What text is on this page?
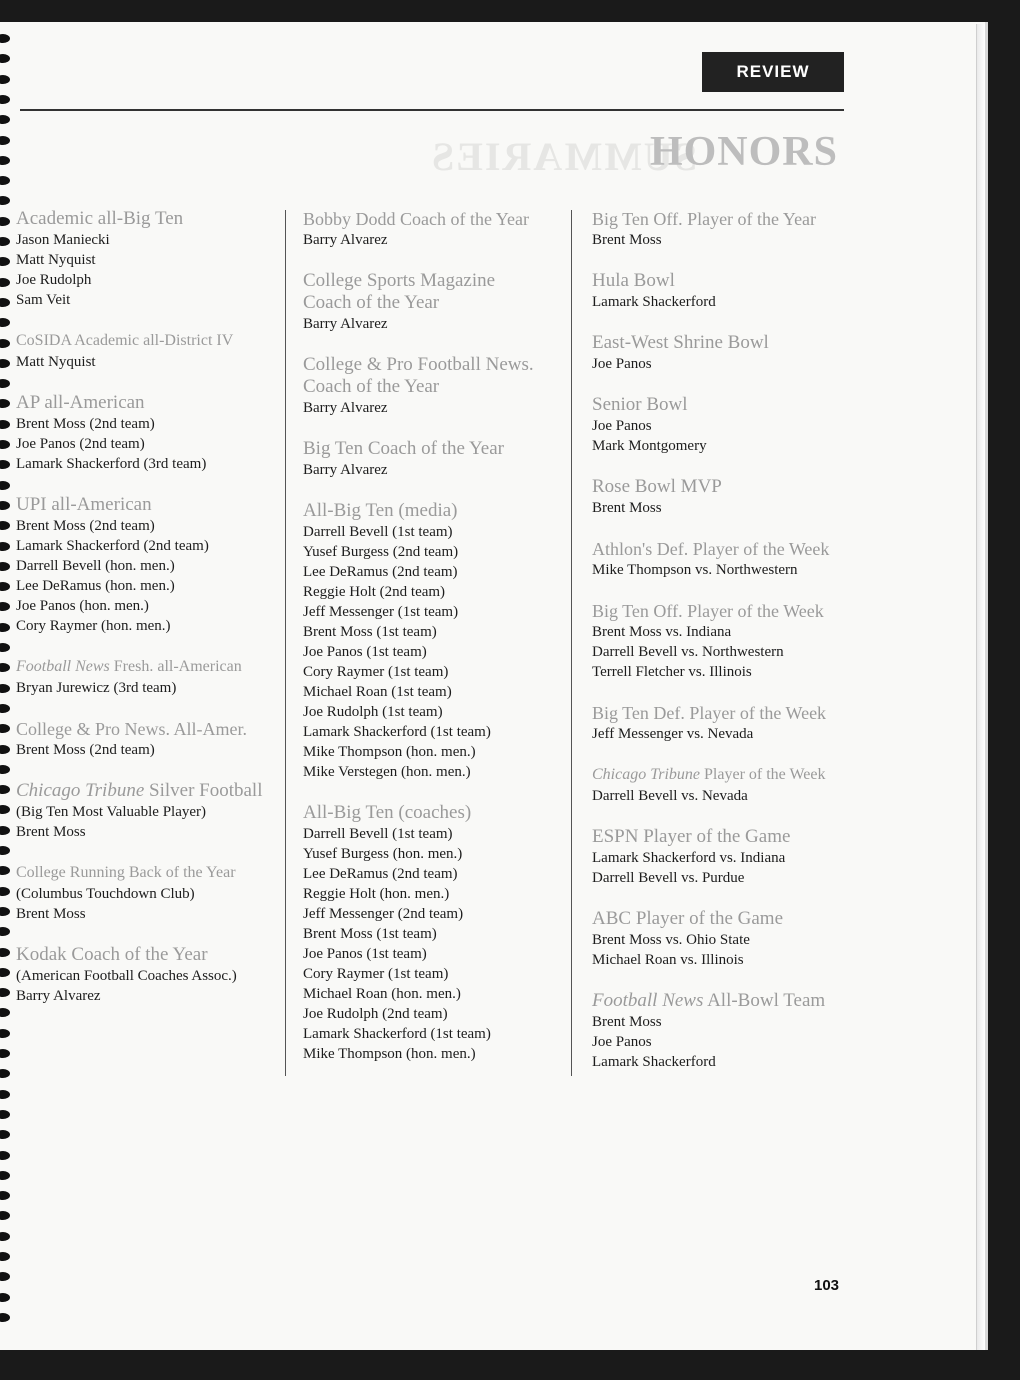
REVIEW
SUMMARIES
HONORS
Academic all-Big Ten
Jason Maniecki
Matt Nyquist
Joe Rudolph
Sam Veit
CoSIDA Academic all-District IV
Matt Nyquist
AP all-American
Brent Moss (2nd team)
Joe Panos (2nd team)
Lamark Shackerford (3rd team)
UPI all-American
Brent Moss (2nd team)
Lamark Shackerford (2nd team)
Darrell Bevell (hon. men.)
Lee DeRamus (hon. men.)
Joe Panos (hon. men.)
Cory Raymer (hon. men.)
Football News Fresh. all-American
Bryan Jurewicz (3rd team)
College & Pro News. All-Amer.
Brent Moss (2nd team)
Chicago Tribune Silver Football
(Big Ten Most Valuable Player)
Brent Moss
College Running Back of the Year
(Columbus Touchdown Club)
Brent Moss
Kodak Coach of the Year
(American Football Coaches Assoc.)
Barry Alvarez
Bobby Dodd Coach of the Year
Barry Alvarez
College Sports Magazine
Coach of the Year
Barry Alvarez
College & Pro Football News.
Coach of the Year
Barry Alvarez
Big Ten Coach of the Year
Barry Alvarez
All-Big Ten (media)
Darrell Bevell (1st team)
Yusef Burgess (2nd team)
Lee DeRamus (2nd team)
Reggie Holt (2nd team)
Jeff Messenger (1st team)
Brent Moss (1st team)
Joe Panos (1st team)
Cory Raymer (1st team)
Michael Roan (1st team)
Joe Rudolph (1st team)
Lamark Shackerford (1st team)
Mike Thompson (hon. men.)
Mike Verstegen (hon. men.)
All-Big Ten (coaches)
Darrell Bevell (1st team)
Yusef Burgess (hon. men.)
Lee DeRamus (2nd team)
Reggie Holt (hon. men.)
Jeff Messenger (2nd team)
Brent Moss (1st team)
Joe Panos (1st team)
Cory Raymer (1st team)
Michael Roan (hon. men.)
Joe Rudolph (2nd team)
Lamark Shackerford (1st team)
Mike Thompson (hon. men.)
Big Ten Off. Player of the Year
Brent Moss
Hula Bowl
Lamark Shackerford
East-West Shrine Bowl
Joe Panos
Senior Bowl
Joe Panos
Mark Montgomery
Rose Bowl MVP
Brent Moss
Athlon's Def. Player of the Week
Mike Thompson vs. Northwestern
Big Ten Off. Player of the Week
Brent Moss vs. Indiana
Darrell Bevell vs. Northwestern
Terrell Fletcher vs. Illinois
Big Ten Def. Player of the Week
Jeff Messenger vs. Nevada
Chicago Tribune Player of the Week
Darrell Bevell vs. Nevada
ESPN Player of the Game
Lamark Shackerford vs. Indiana
Darrell Bevell vs. Purdue
ABC Player of the Game
Brent Moss vs. Ohio State
Michael Roan vs. Illinois
Football News All-Bowl Team
Brent Moss
Joe Panos
Lamark Shackerford
103
